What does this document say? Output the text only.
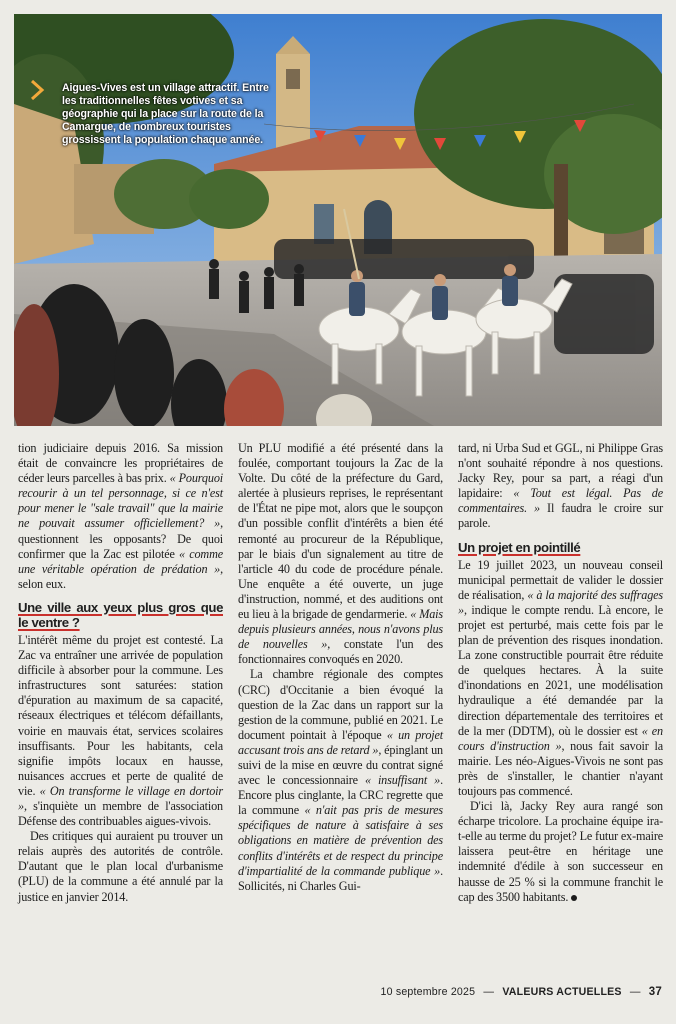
Aigues-Vives est un village attractif. Entre les traditionnelles fêtes votives et sa géographie qui la place sur la route de la Camargue, de nombreux touristes grossissent la population chaque année.

tion judiciaire depuis 2016. Sa mission était de convaincre les propriétaires de céder leurs parcelles à bas prix. « Pourquoi recourir à un tel personnage, si ce n'est pour mener le "sale travail" que la mairie ne pouvait assumer officiellement? », questionnent les opposants? De quoi confirmer que la Zac est pilotée « comme une véritable opération de prédation », selon eux.

Une ville aux yeux plus gros que le ventre ?

L'intérêt même du projet est contesté. La Zac va entraîner une arrivée de population difficile à absorber pour la commune. Les infrastructures sont saturées: station d'épuration au maximum de sa capacité, réseaux électriques et télécom défaillants, voirie en mauvais état, services scolaires insuffisants. Pour les habitants, cela signifie impôts locaux en hausse, nuisances accrues et perte de qualité de vie. « On transforme le village en dortoir », s'inquiète un membre de l'association Défense des contribuables aigues-vivois.

Des critiques qui auraient pu trouver un relais auprès des autorités de contrôle. D'autant que le plan local d'urbanisme (PLU) de la commune a été annulé par la justice en janvier 2014.

Un PLU modifié a été présenté dans la foulée, comportant toujours la Zac de la Volte. Du côté de la préfecture du Gard, alertée à plusieurs reprises, le représentant de l'État ne pipe mot, alors que le soupçon d'un possible conflit d'intérêts a bien été remonté au procureur de la République, par le biais d'un signalement au titre de l'article 40 du code de procédure pénale. Une enquête a été ouverte, un juge d'instruction, nommé, et des auditions ont eu lieu à la brigade de gendarmerie. « Mais depuis plusieurs années, nous n'avons plus de nouvelles », constate l'un des fonctionnaires convoqués en 2020.

La chambre régionale des comptes (CRC) d'Occitanie a bien évoqué la question de la Zac dans un rapport sur la gestion de la commune, publié en 2021. Le document pointait à l'époque « un projet accusant trois ans de retard », épinglant un suivi de la mise en œuvre du contrat signé avec le concessionnaire « insuffisant ». Encore plus cinglante, la CRC regrette que la commune « n'ait pas pris de mesures spécifiques de nature à satisfaire à ses obligations en matière de prévention des conflits d'intérêts et de respect du principe d'impartialité de la commande publique ». Sollicités, ni Charles Gui-

tard, ni Urba Sud et GGL, ni Philippe Gras n'ont souhaité répondre à nos questions. Jacky Rey, pour sa part, a réagi d'un lapidaire: « Tout est légal. Pas de commentaires. » Il faudra le croire sur parole.

Un projet en pointillé

Le 19 juillet 2023, un nouveau conseil municipal permettait de valider le dossier de réalisation, « à la majorité des suffrages », indique le compte rendu. Là encore, le projet est perturbé, mais cette fois par le plan de prévention des risques inondation. La zone constructible pourrait être réduite de quelques hectares. À la suite d'inondations en 2021, une modélisation hydraulique a été demandée par la direction départementale des territoires et de la mer (DDTM), où le dossier est « en cours d'instruction », nous fait savoir la mairie. Les néo-Aigues-Vivois ne sont pas près de s'installer, le chantier n'ayant toujours pas commencé.

D'ici là, Jacky Rey aura rangé son écharpe tricolore. La prochaine équipe ira-t-elle au terme du projet? Le futur ex-maire laissera peut-être en héritage une indemnité d'édile à son successeur en hausse de 25 % si la commune franchit le cap des 3500 habitants.

10 septembre 2025 — VALEURS ACTUELLES — 37
